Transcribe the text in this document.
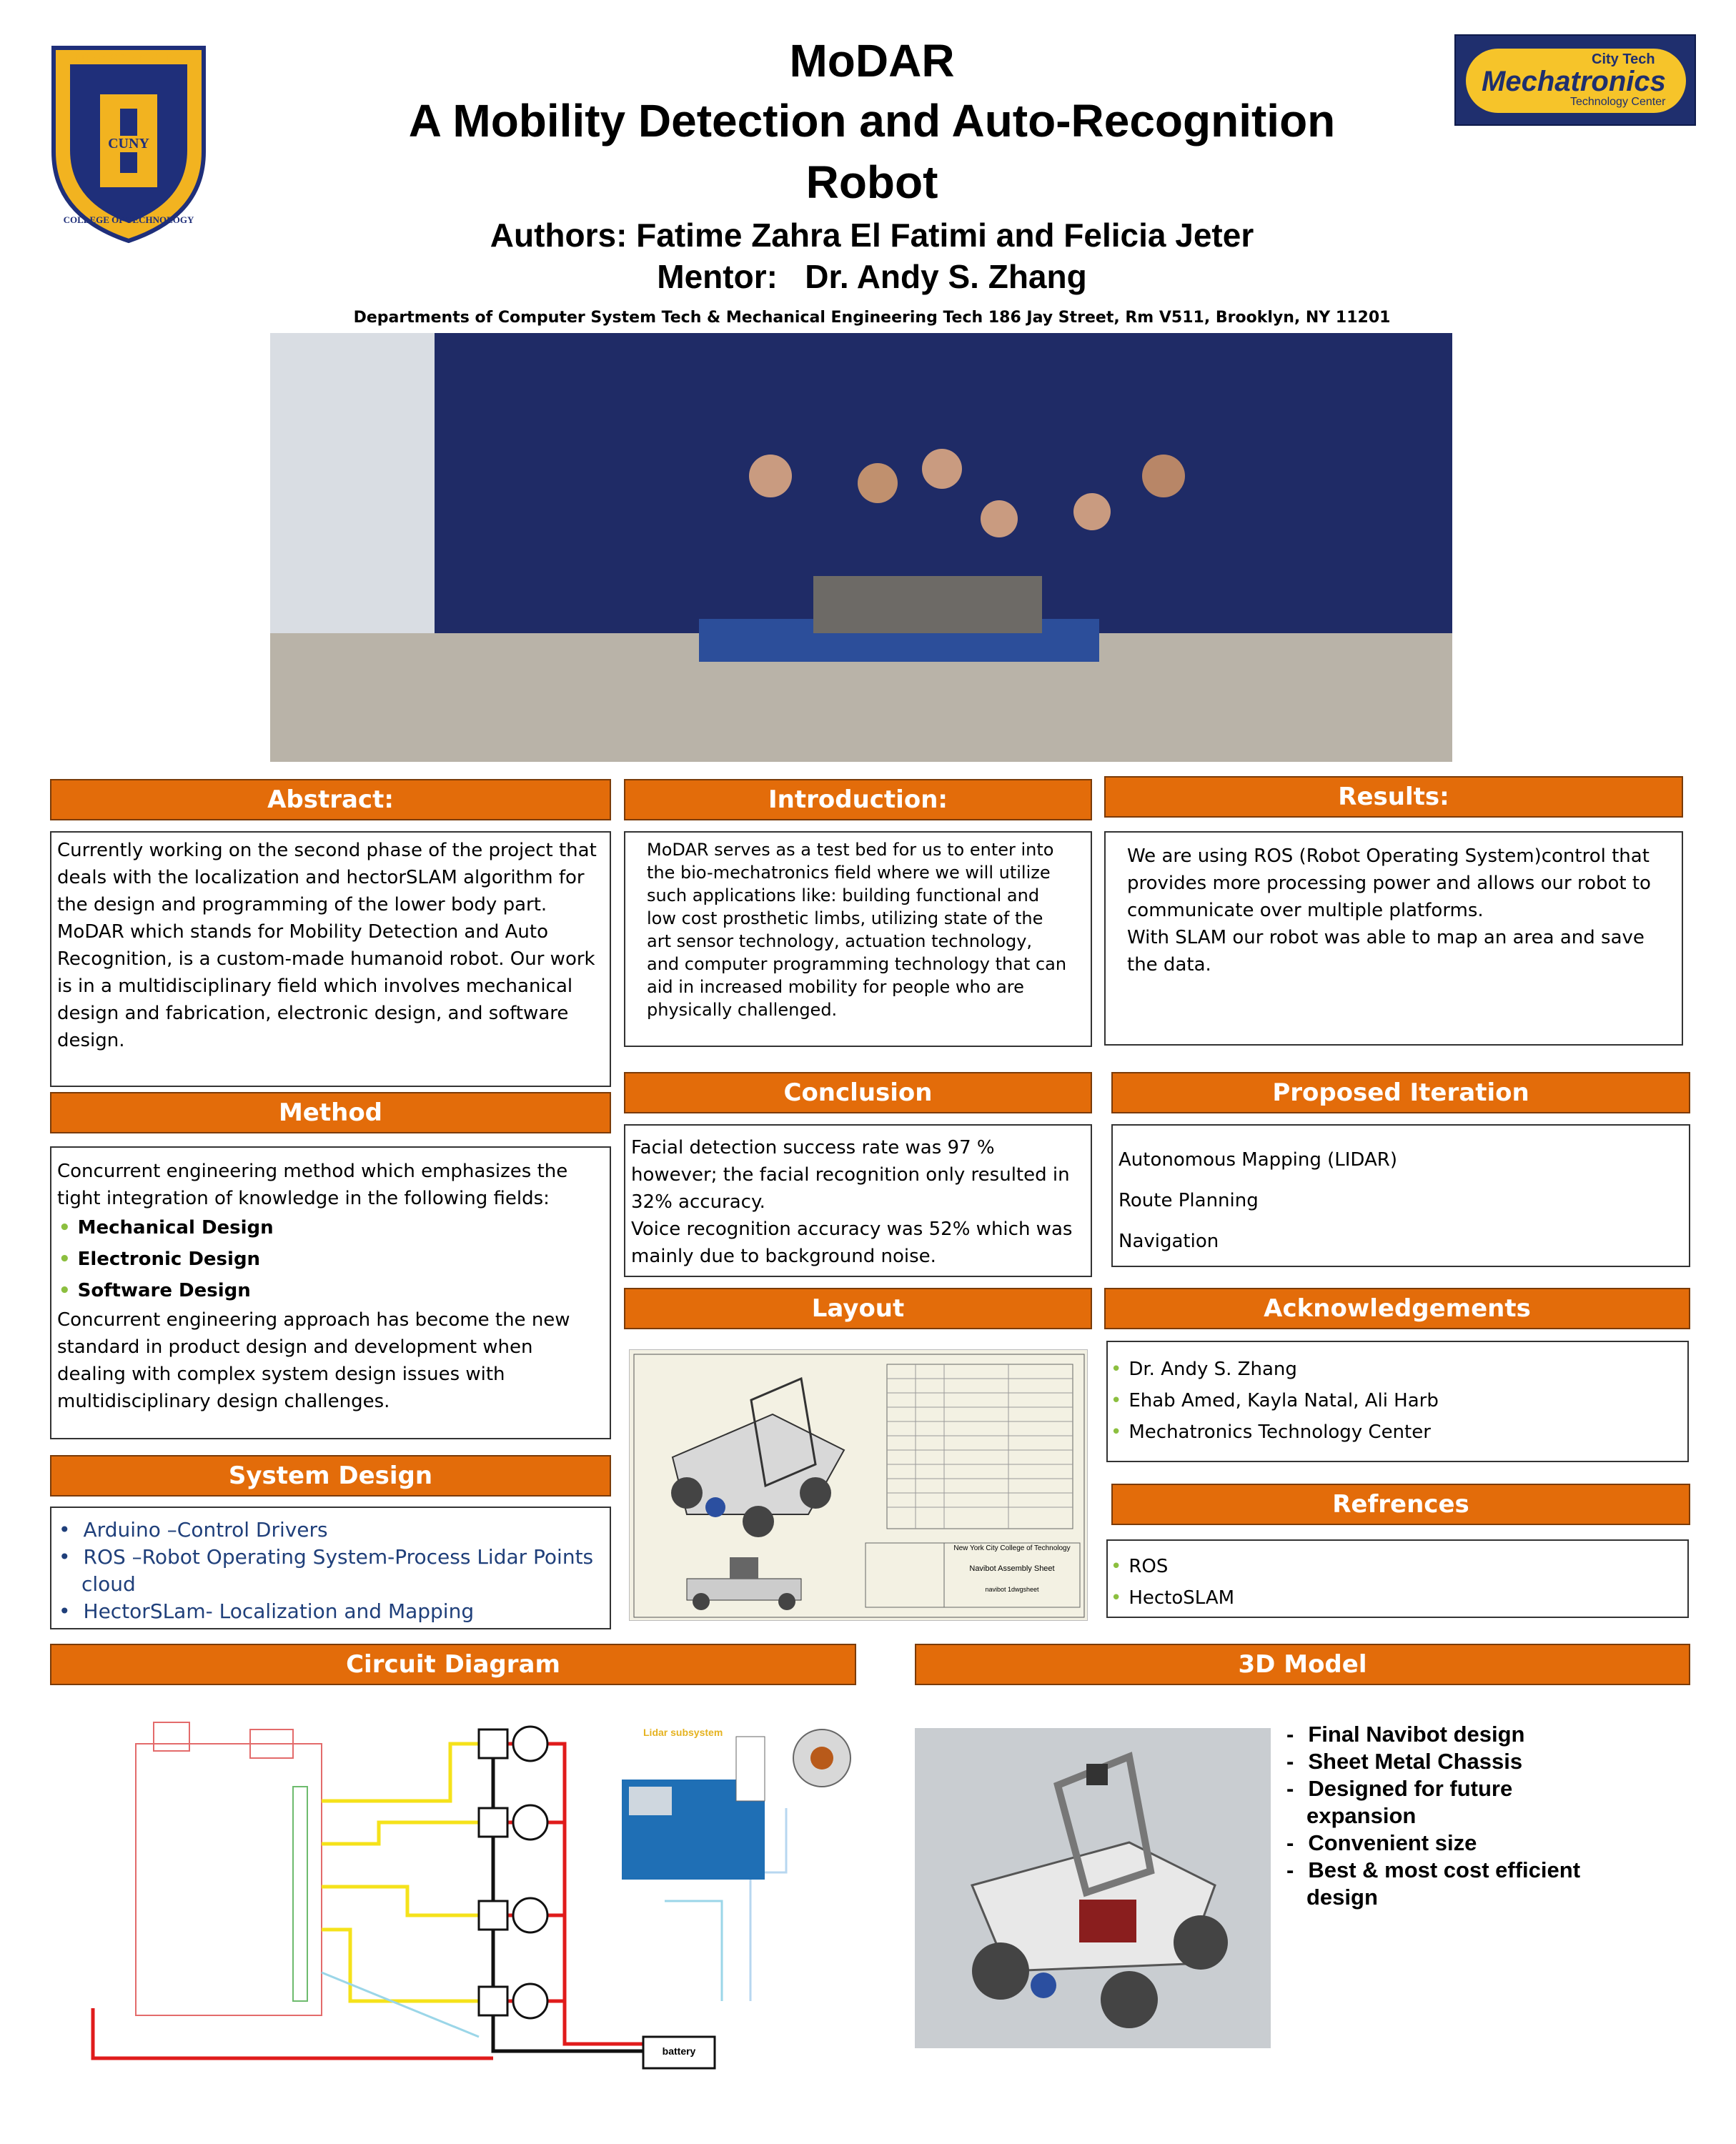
NEW YORK CITY
CUNY
COLLEGE OF TECHNOLOGY
City Tech
Mechatronics
Technology Center
MoDAR
A Mobility Detection and Auto-Recognition
Robot
Authors: Fatime Zahra El Fatimi and Felicia Jeter
Mentor:   Dr. Andy S. Zhang
Departments of Computer System Tech & Mechanical Engineering Tech 186 Jay Street, Rm V511, Brooklyn, NY 11201
Abstract:
Currently working on the second phase of the project that deals with the localization and hectorSLAM algorithm for the design and programming of the lower body part. MoDAR which stands for Mobility Detection and Auto Recognition, is a custom-made humanoid robot. Our work is in a multidisciplinary field which involves mechanical design and fabrication, electronic design, and software design.
Introduction:
MoDAR serves as a test bed for us to enter into the bio-mechatronics field where we will utilize such applications like: building functional and low cost prosthetic limbs, utilizing state of the art sensor technology, actuation technology, and computer programming technology that can aid in increased mobility for people who are physically challenged.
Results:
We are using ROS (Robot Operating System)control that provides more processing power and allows our robot to communicate over multiple platforms.
With SLAM our robot was able to map an area and save the data.
Method
Concurrent engineering method which emphasizes the tight integration of knowledge in the following fields:
• Mechanical Design
• Electronic Design
• Software Design
Concurrent engineering approach has become the new standard in product design and development when dealing with complex system design issues with multidisciplinary design challenges.
Conclusion
Facial detection success rate was 97 % however; the facial recognition only resulted in 32% accuracy.
Voice recognition accuracy was 52% which was mainly due to background noise.
Proposed Iteration
Autonomous Mapping (LIDAR)
Route Planning
Navigation
Layout
New York City College of Technology
Navibot Assembly Sheet
navibot 1dwgsheet
Acknowledgements
• Dr. Andy S. Zhang
• Ehab Amed, Kayla Natal, Ali Harb
• Mechatronics Technology Center
System Design
• Arduino –Control Drivers
• ROS –Robot Operating System-Process Lidar Points cloud
• HectorSLam- Localization and Mapping
Refrences
• ROS
• HectoSLAM
Circuit Diagram
Lidar subsystem
battery
3D Model
- Final Navibot design
- Sheet Metal Chassis
- Designed for future expansion
- Convenient size
- Best & most cost efficient design
